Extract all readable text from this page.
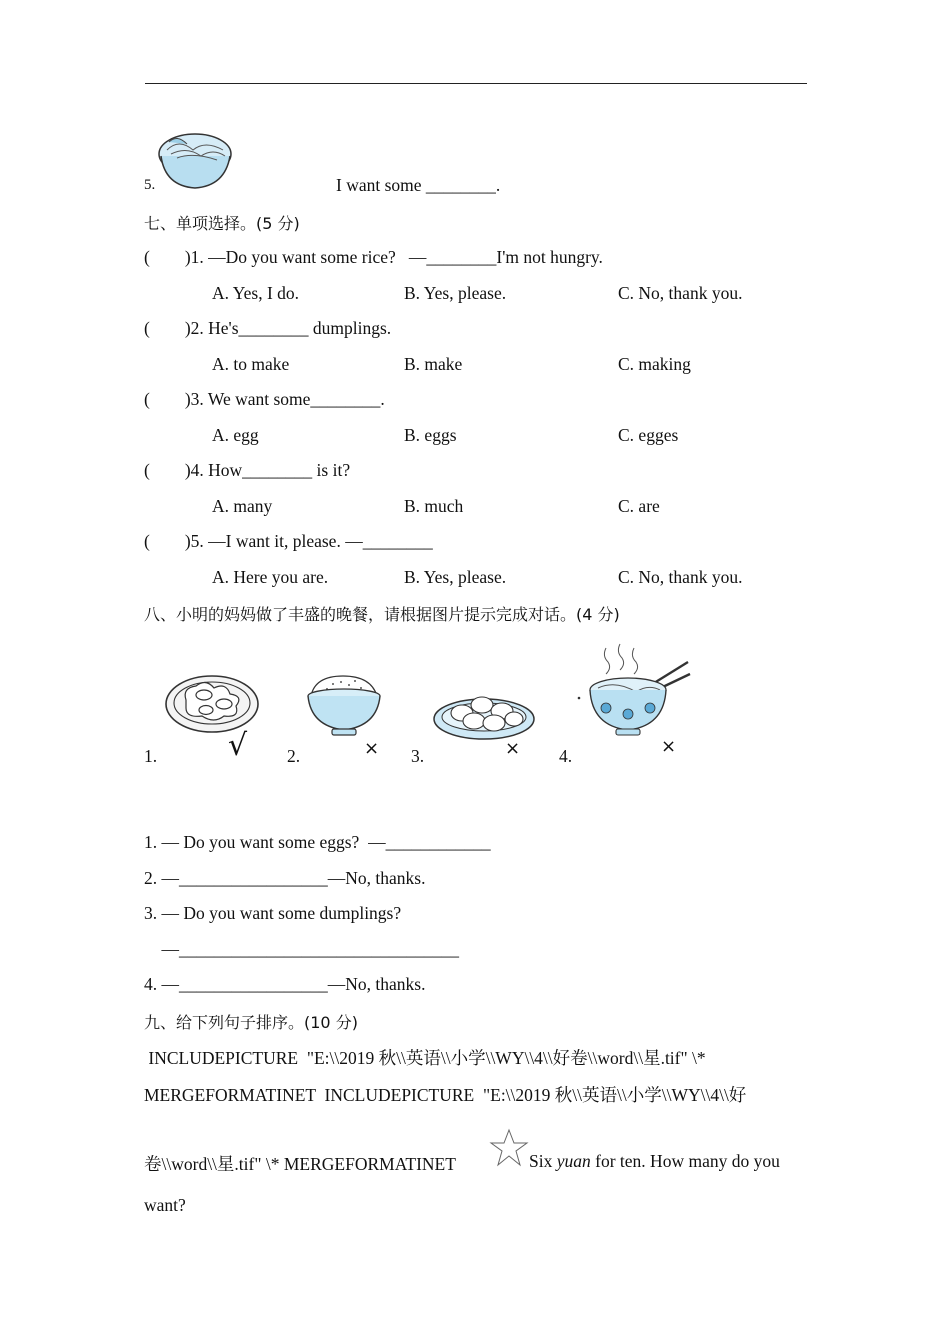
5.	I want some ________.
七、单项选择。(5 分)
(        )1. —Do you want some rice?   —________I'm not hungry.
A. Yes, I do.	B. Yes, please.	C. No, thank you.
(        )2. He's________ dumplings.
A. to make	B. make	C. making
(        )3. We want some________.
A. egg	B. eggs	C. egges
(        )4. How________ is it?
A. many	B. much	C. are
(        )5. —I want it, please. —________
A. Here you are.	B. Yes, please.	C. No, thank you.
八、小明的妈妈做了丰盛的晚餐，请根据图片提示完成对话。(4 分)
1. √ 2.	× 3.	× 4.	×
1. — Do you want some eggs?  —____________
2. —_________________—No, thanks.
3. — Do you want some dumplings?
—________________________________
4. —_________________—No, thanks.
九、给下列句子排序。(10 分)
INCLUDEPICTURE  "E:\\2019 秋\\英语\\小学\\WY\\4\\好卷\\word\\星.tif" \*
MERGEFORMATINET  INCLUDEPICTURE  "E:\\2019 秋\\英语\\小学\\WY\\4\\好
卷\\word\\星.tif" \* MERGEFORMATINET	Six yuan for ten. How many do you
want?
